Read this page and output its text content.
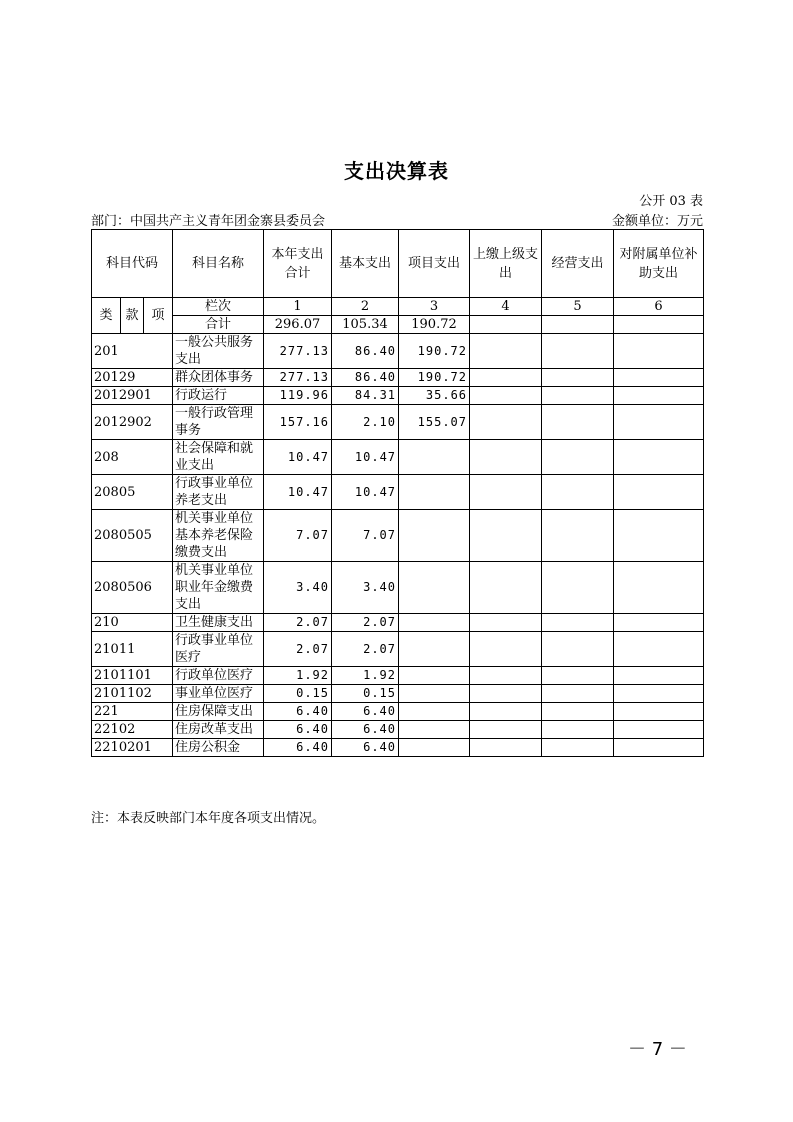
支出决算表
公开 03 表
部门：中国共产主义青年团金寨县委员会	金额单位：万元
科目代码			科目名称	本年支出合计	基本支出	项目支出	上缴上级支出	经营支出	对附属单位补助支出
类	款	项	栏次	1	2	3	4	5	6
			合计	296.07	105.34	190.72			
201			一般公共服务支出	277.13	86.40	190.72			
20129			群众团体事务	277.13	86.40	190.72			
2012901			行政运行	119.96	84.31	35.66			
2012902			一般行政管理事务	157.16	2.10	155.07			
208			社会保障和就业支出	10.47	10.47				
20805			行政事业单位养老支出	10.47	10.47				
2080505			机关事业单位基本养老保险缴费支出	7.07	7.07				
2080506			机关事业单位职业年金缴费支出	3.40	3.40				
210			卫生健康支出	2.07	2.07				
21011			行政事业单位医疗	2.07	2.07				
2101101			行政单位医疗	1.92	1.92				
2101102			事业单位医疗	0.15	0.15				
221			住房保障支出	6.40	6.40				
22102			住房改革支出	6.40	6.40				
2210201			住房公积金	6.40	6.40				
注：本表反映部门本年度各项支出情况。
－ 7 －
